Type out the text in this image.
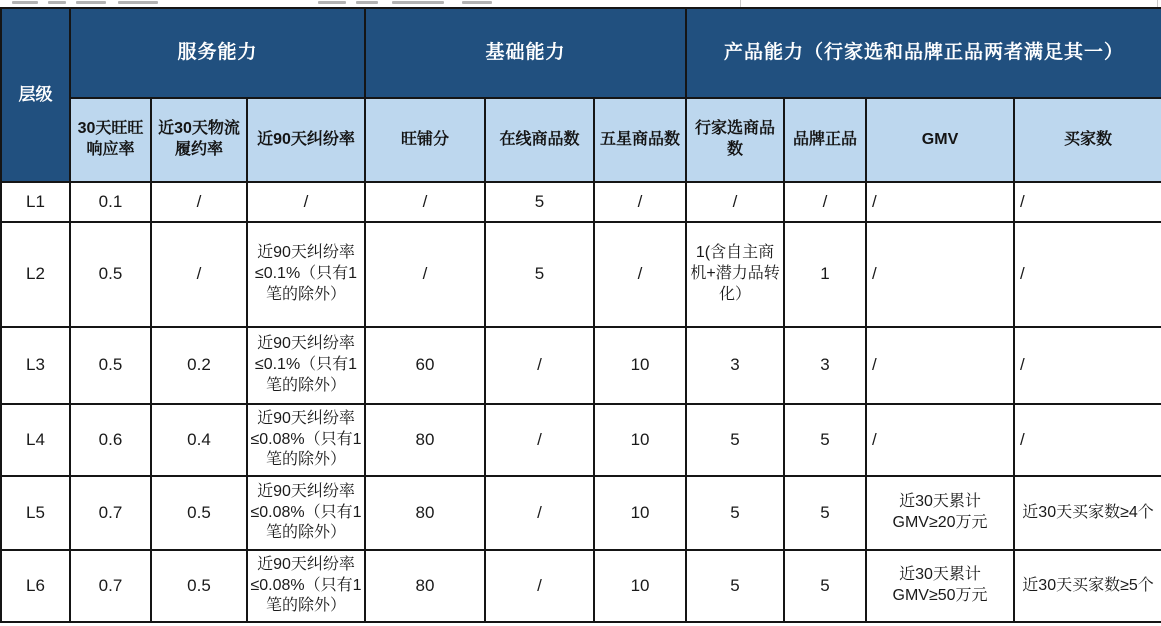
层级	服务能力			基础能力			产品能力（行家选和品牌正品两者满足其一）			
	30天旺旺响应率	近30天物流履约率	近90天纠纷率	旺铺分	在线商品数	五星商品数	行家选商品数	品牌正品	GMV	买家数
L1	0.1	/	/	/	5	/	/	/	/	/
L2	0.5	/	近90天纠纷率≤0.1%（只有1笔的除外）	/	5	/	1(含自主商机+潜力品转化）	1	/	/
L3	0.5	0.2	近90天纠纷率≤0.1%（只有1笔的除外）	60	/	10	3	3	/	/
L4	0.6	0.4	近90天纠纷率≤0.08%（只有1笔的除外）	80	/	10	5	5	/	/
L5	0.7	0.5	近90天纠纷率≤0.08%（只有1笔的除外）	80	/	10	5	5	近30天累计GMV≥20万元	近30天买家数≥4个
L6	0.7	0.5	近90天纠纷率≤0.08%（只有1笔的除外）	80	/	10	5	5	近30天累计GMV≥50万元	近30天买家数≥5个
